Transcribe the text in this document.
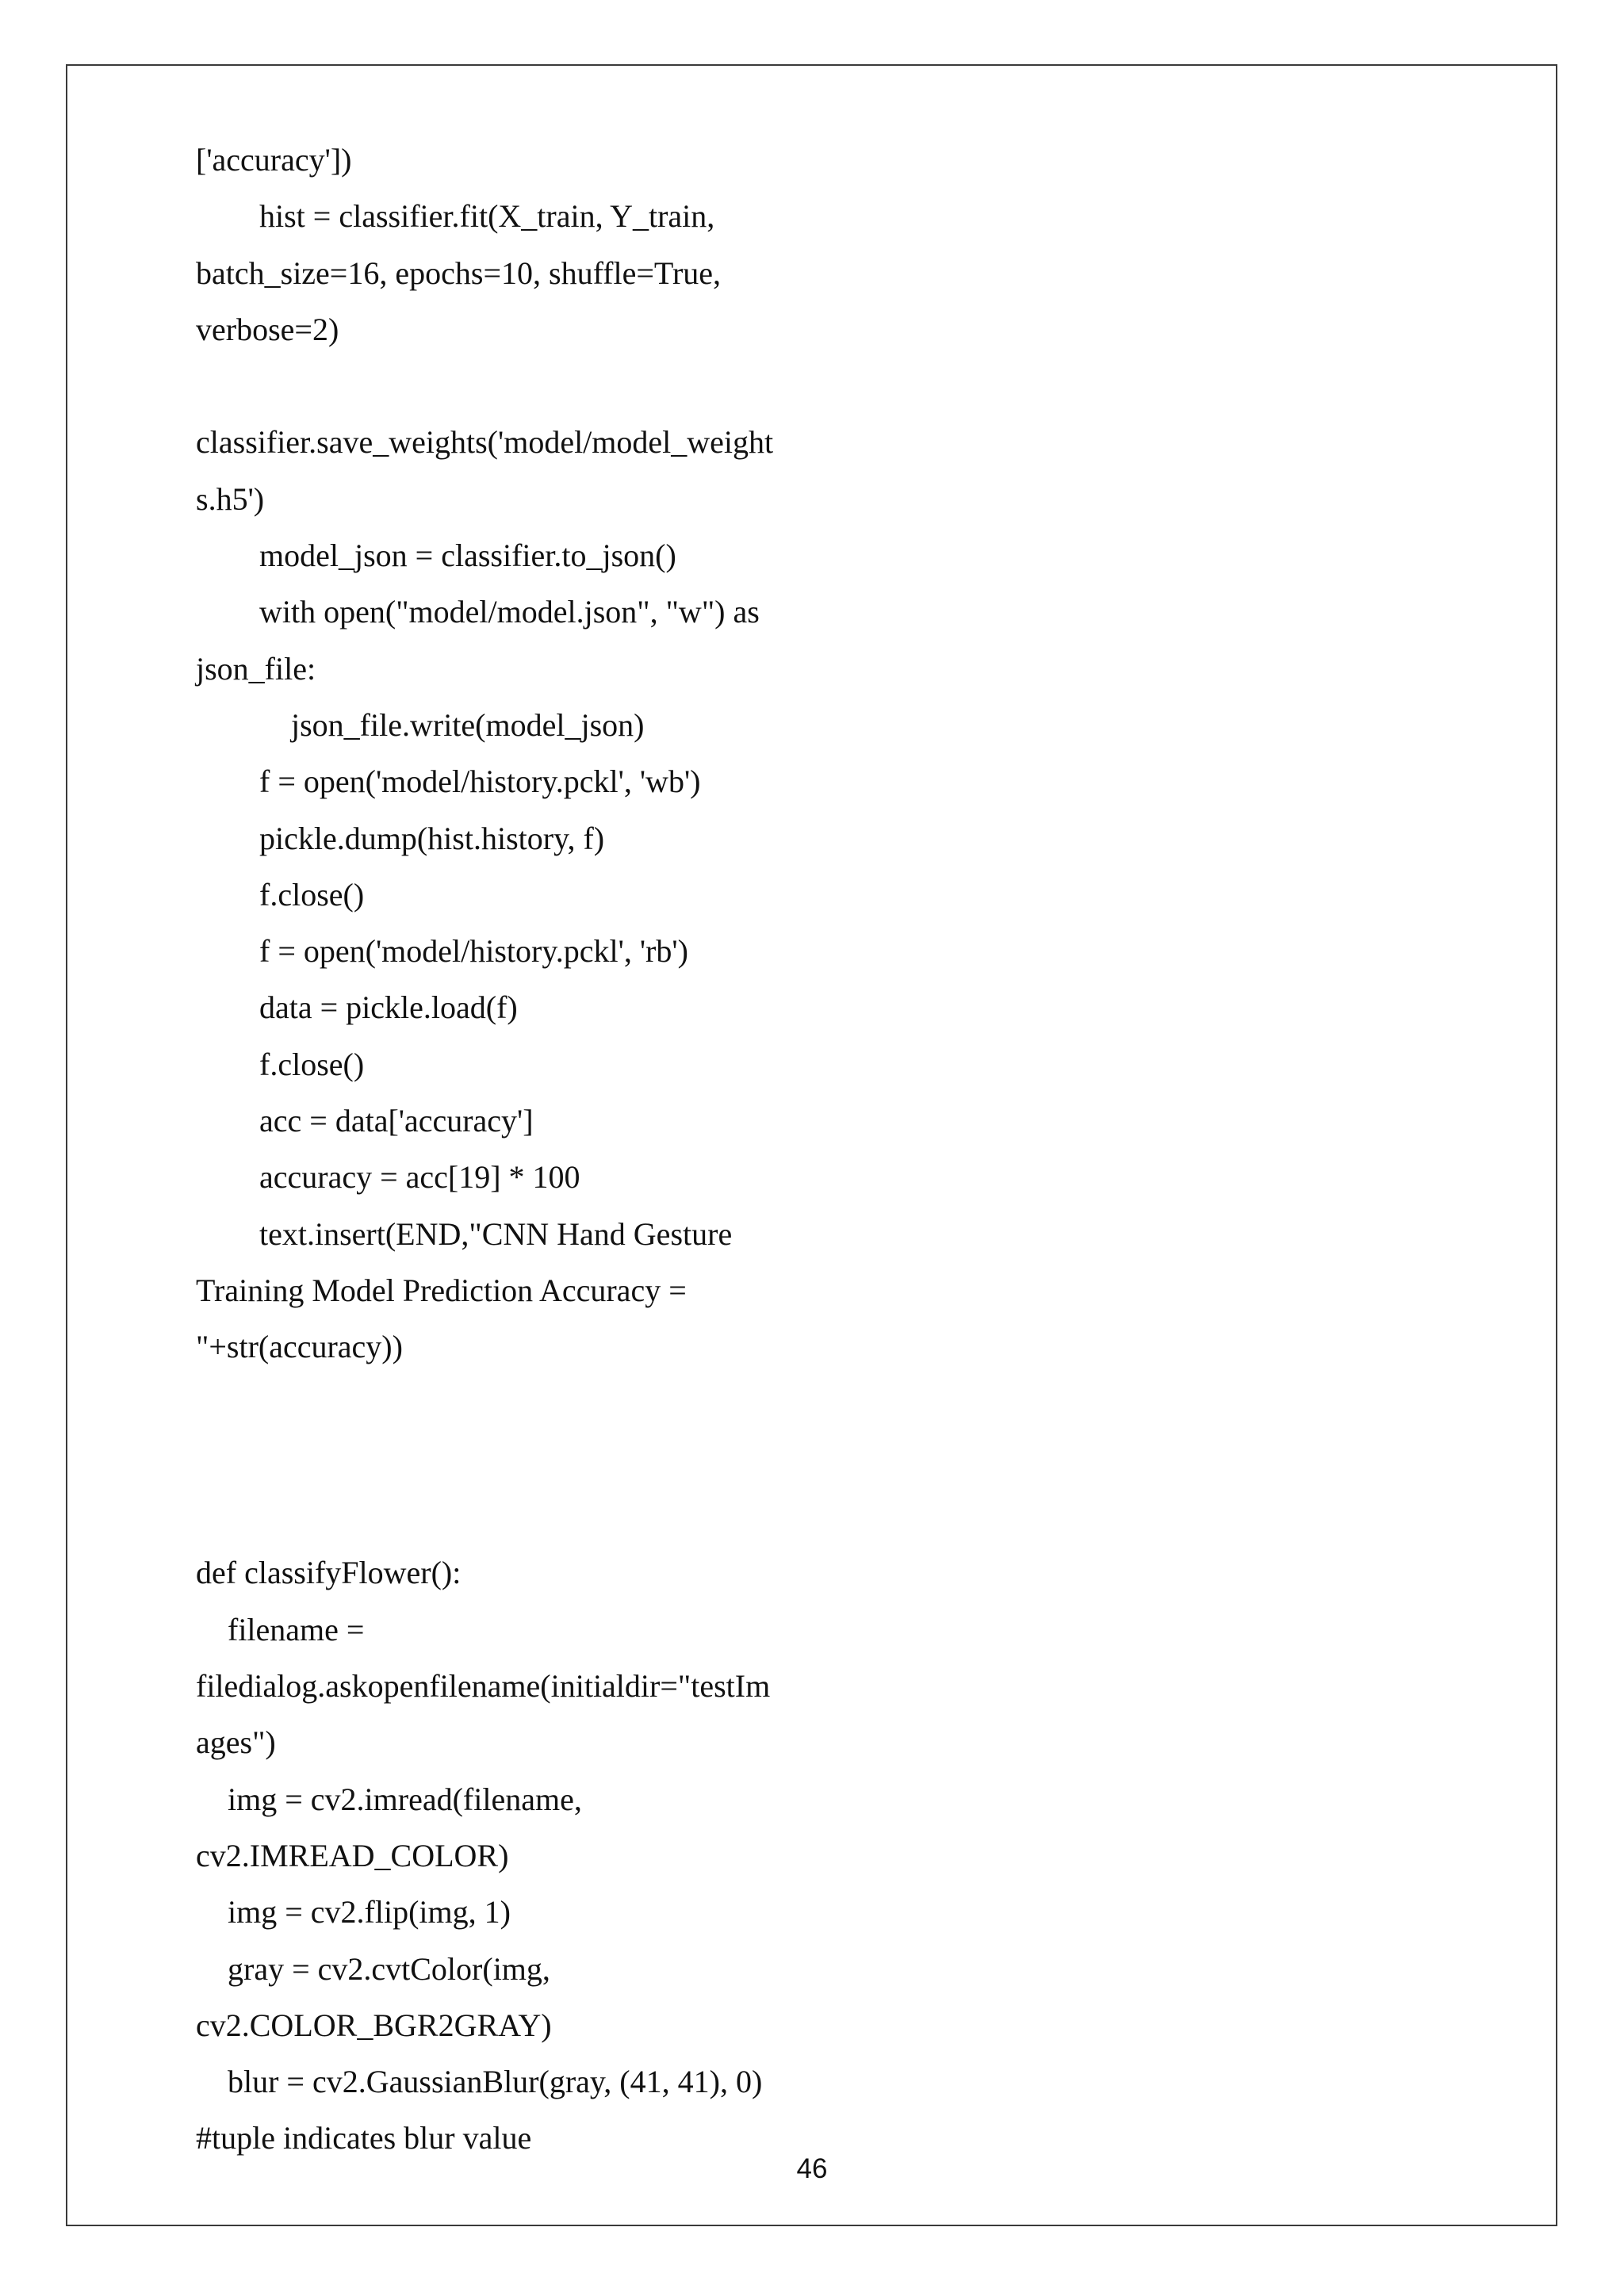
['accuracy'])
hist = classifier.fit(X_train, Y_train,
batch_size=16, epochs=10, shuffle=True,
verbose=2)
classifier.save_weights('model/model_weight
s.h5')
model_json = classifier.to_json()
with open("model/model.json", "w") as
json_file:
json_file.write(model_json)
f = open('model/history.pckl', 'wb')
pickle.dump(hist.history, f)
f.close()
f = open('model/history.pckl', 'rb')
data = pickle.load(f)
f.close()
acc = data['accuracy']
accuracy = acc[19] * 100
text.insert(END,"CNN Hand Gesture
Training Model Prediction Accuracy =
"+str(accuracy))
def classifyFlower():
filename =
filedialog.askopenfilename(initialdir="testIm
ages")
img = cv2.imread(filename,
cv2.IMREAD_COLOR)
img = cv2.flip(img, 1)
gray = cv2.cvtColor(img,
cv2.COLOR_BGR2GRAY)
blur = cv2.GaussianBlur(gray, (41, 41), 0)
#tuple indicates blur value
46
